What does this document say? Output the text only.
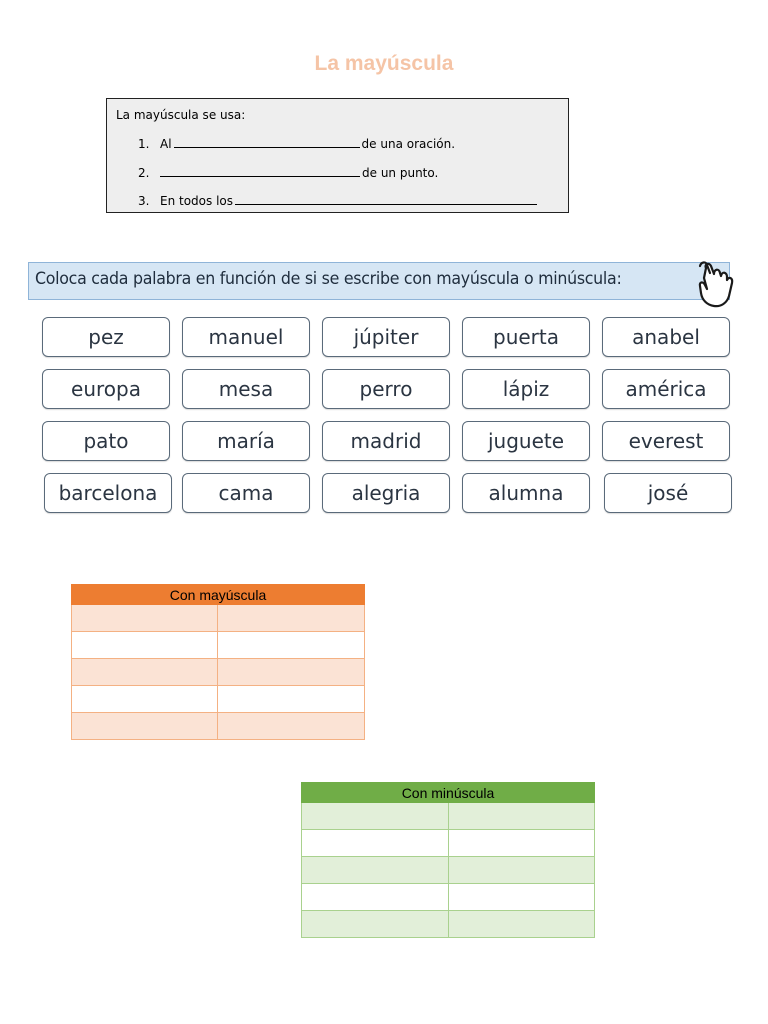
La mayúscula
La mayúscula se usa:
1. Al	de una oración.
2.	de un punto.
3. En todos los
Coloca cada palabra en función de si se escribe con mayúscula o minúscula:
pez	manuel	júpiter	puerta	anabel
europa	mesa	perro	lápiz	américa
pato	maría	madrid	juguete	everest
barcelona	cama	alegria	alumna	josé
Con mayúscula	

Con minúscula	
